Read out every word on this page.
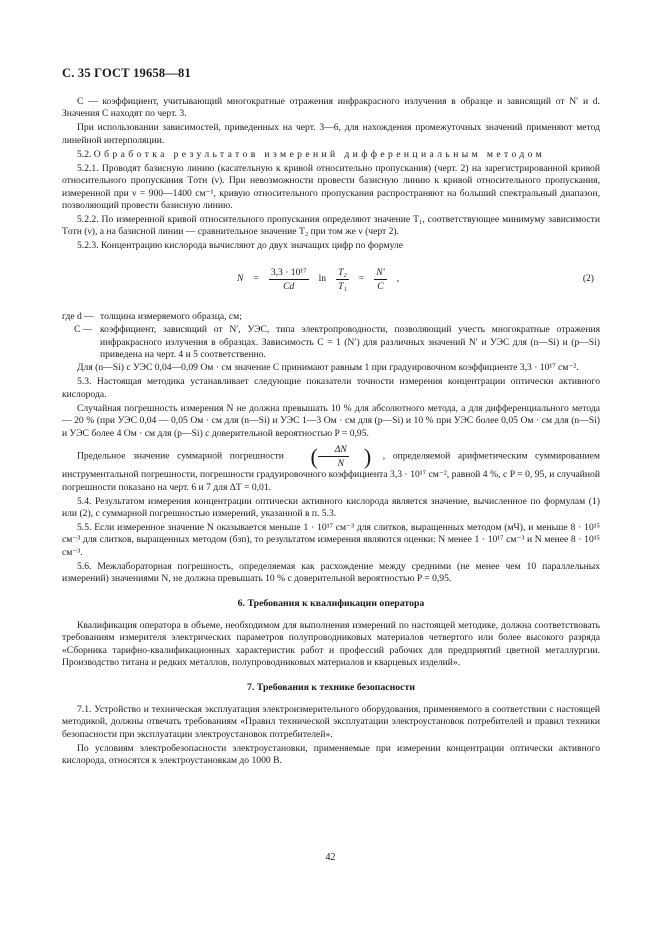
С. 35 ГОСТ 19658—81

С — коэффициент, учитывающий многократные отражения инфракрасного излучения в образце и зависящий от N′ и d. Значения С находят по черт. 3.

При использовании зависимостей, приведенных на черт. 3—6, для нахождения промежуточных значений применяют метод линейной интерполяции.

5.2. Обработка результатов измерений дифференциальным методом

5.2.1. Проводят базисную линию (касательную к кривой относительно пропускания) (черт. 2) на зарегистрированной кривой относительного пропускания Tотн (ν). При невозможности провести базисную линию к кривой относительного пропускания, измеренной при ν = 900—1400 см⁻¹, кривую относительного пропускания распространяют на больший спектральный диапазон, позволяющий провести базисную линию.

5.2.2. По измеренной кривой относительного пропускания определяют значение T₁, соответствующее минимуму зависимости Tотн (ν), а на базисной линии — сравнительное значение T₂ при том же ν (черт 2).

5.2.3. Концентрацию кислорода вычисляют до двух значащих цифр по формуле

$N = \frac{\text{3,3 · 10¹⁷}}{Cd}$ $\ln \frac{\text{T₂}}{\text{T₁}} = \frac{N'}{C}$ ,	(2)
где d — толщина измеряемого образца, см;
C — коэффициент, зависящий от N′, УЭС, типа электропроводности, позволяющий учесть многократные отражения инфракрасного излучения в образцах. Зависимость C = 1 (N′) для различных значений N′ и УЭС для (n—Si) и (p—Si) приведена на черт. 4 и 5 соответственно.

Для (n—Si) с УЭС 0,04—0,09 Ом · см значение С принимают равным 1 при градуировочном коэффициенте 3,3 · 10¹⁷ см⁻².

5.3. Настоящая методика устанавливает следующие показатели точности измерения концентрации оптически активного кислорода.

Случайная погрешность измерения N не должна превышать 10 % для абсолютного метода, а для дифференциального метода — 20 % (при УЭС 0,04 — 0,05 Ом · см для (n—Si) и УЭС 1—3 Ом · см для (p—Si) и 10 % при УЭС более 0,05 Ом · см для (n—Si) и УЭС более 4 Ом · см для (p—Si) с доверительной вероятностью P = 0,95.

Предельное значение суммарной погрешности	( $\frac{\Delta N}{N}$ ) , определяемой арифметическим суммированием инструментальной погрешности, погрешности градуировочного коэффициента 3,3 · 10¹⁷ см⁻², равной 4 %, с P = 0, 95, и случайной погрешности показано на черт. 6 и 7 для ΔT = 0,01.

5.4. Результатом измерения концентрации оптически активного кислорода является значение, вычисленное по формулам (1) или (2), с суммарной погрешностью измерений, указанной в п. 5.3.

5.5. Если измеренное значение N оказывается меньше 1 · 10¹⁷ см⁻³ для слитков, выращенных методом (мЧ), и меньше 8 · 10¹⁵ см⁻³ для слитков, выращенных методом (бзп), то результатом измерения являются оценки: N менее 1 · 10¹⁷ см⁻³ и N менее 8 · 10¹⁵ см⁻³.

5.6. Межлабораторная погрешность, определяемая как расхождение между средними (не менее чем 10 параллельных измерений) значениями N, не должна превышать 10 % с доверительной вероятностью P = 0,95.

6. Требования к квалификации оператора

Квалификация оператора в объеме, необходимом для выполнения измерений по настоящей методике, должна соответствовать требованиям измерителя электрических параметров полупроводниковых материалов четвертого или более высокого разряда «Сборника тарифно-квалификационных характеристик работ и профессий рабочих для предприятий цветной металлургии. Производство титана и редких металлов, полупроводниковых материалов и кварцевых изделий».

7. Требования к технике безопасности

7.1. Устройство и техническая эксплуатация электроизмерительного оборудования, применяемого в соответствии с настоящей методикой, должны отвечать требованиям «Правил технической эксплуатации электроустановок потребителей и правил техники безопасности при эксплуатации электроустановок потребителей».

По условиям электробезопасности электроустановки, применяемые при измерении концентрации оптически активного кислорода, относятся к электроустановкам до 1000 В.

42
